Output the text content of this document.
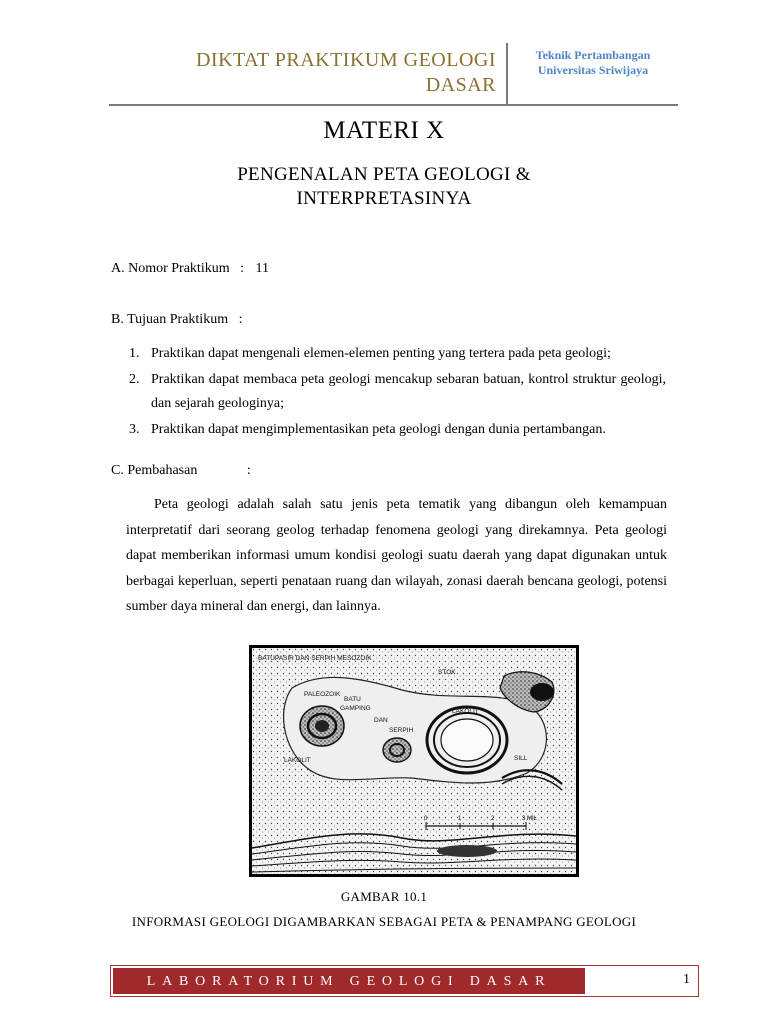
DIKTAT PRAKTIKUM GEOLOGI DASAR
Teknik Pertambangan
Universitas Sriwijaya
MATERI X
PENGENALAN PETA GEOLOGI &
INTERPRETASINYA
A. Nomor Praktikum : 11
B. Tujuan Praktikum :
1. Praktikan dapat mengenali elemen-elemen penting yang tertera pada peta geologi;
2. Praktikan dapat membaca peta geologi mencakup sebaran batuan, kontrol struktur geologi, dan sejarah geologinya;
3. Praktikan dapat mengimplementasikan peta geologi dengan dunia pertambangan.
C. Pembahasan	:

Peta geologi adalah salah satu jenis peta tematik yang dibangun oleh kemampuan interpretatif dari seorang geolog terhadap fenomena geologi yang direkamnya. Peta geologi dapat memberikan informasi umum kondisi geologi suatu daerah yang dapat digunakan untuk berbagai keperluan, seperti penataan ruang dan wilayah, zonasi daerah bencana geologi, potensi sumber daya mineral dan energi, dan lainnya.

BATUPASIR DAN SERPIH MESOZOIK
STOK
PALEOZOIK
BATU
GAMPING
DAN
SERPIH
LAKOLIT
LAKOLIT	SILL
0	1	2	3 MIL
GAMBAR 10.1
INFORMASI GEOLOGI DIGAMBARKAN SEBAGAI PETA & PENAMPANG GEOLOGI
LABORATORIUM GEOLOGI DASAR	1
